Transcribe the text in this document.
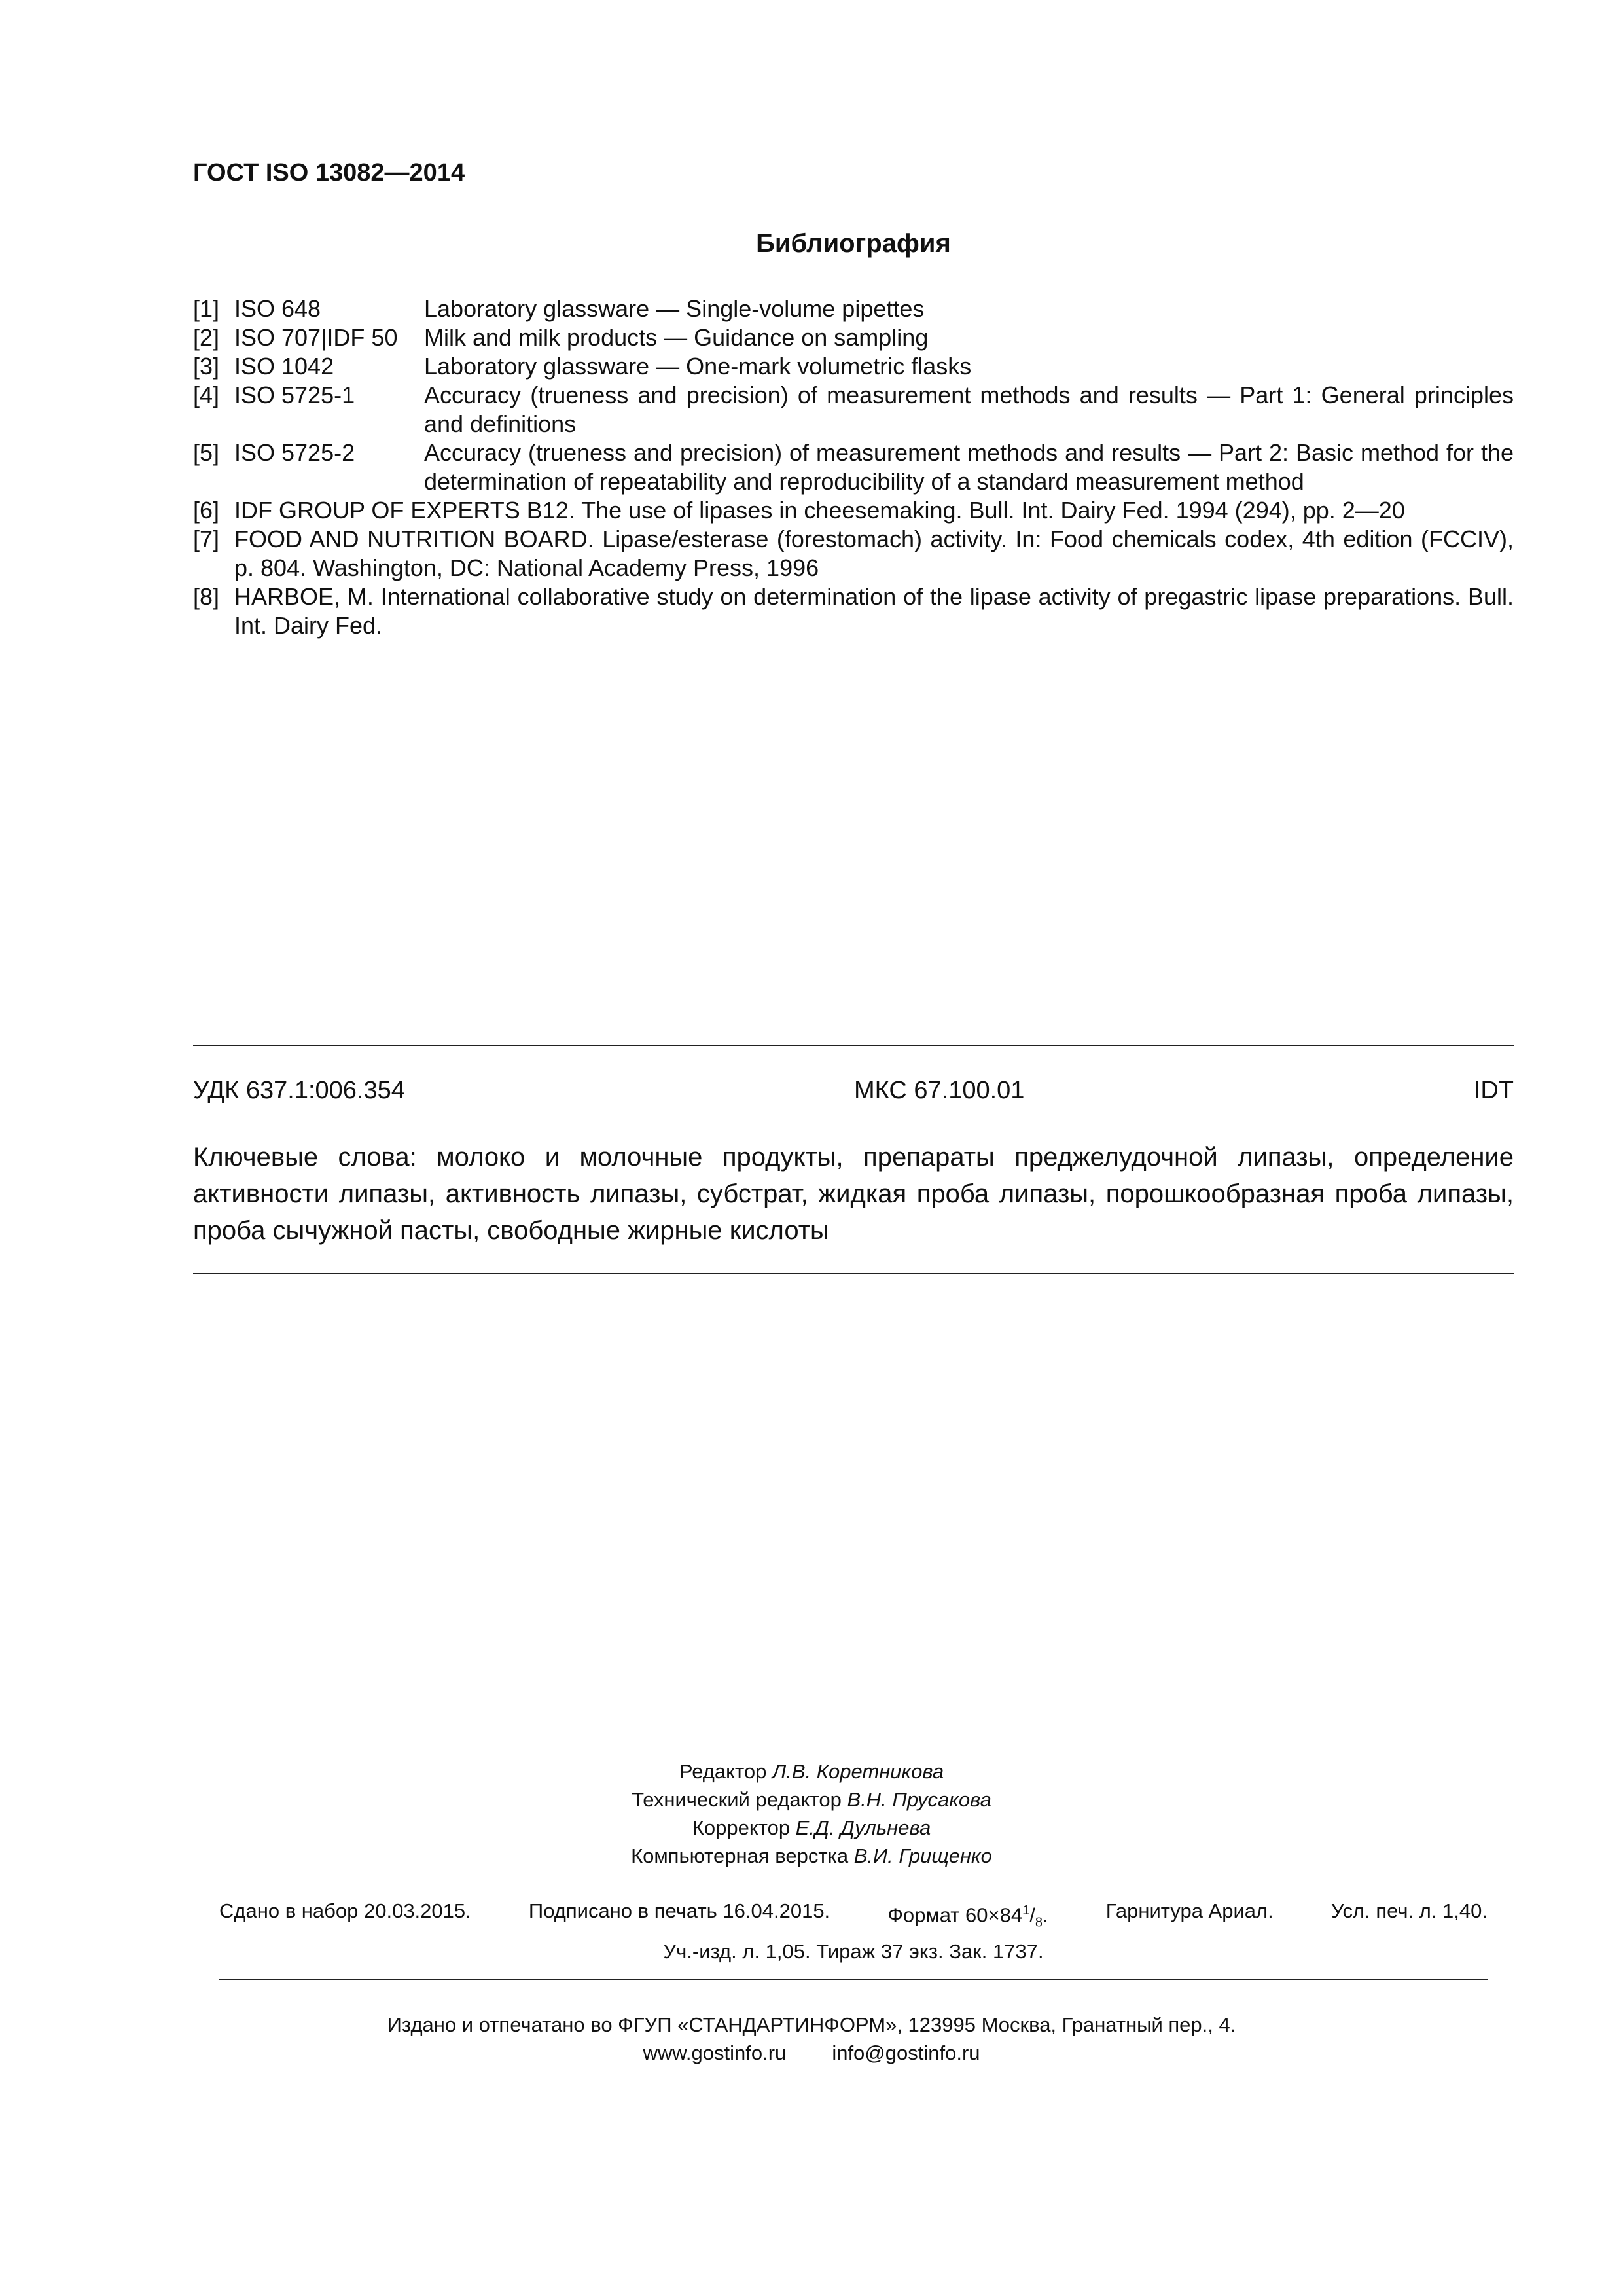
ГОСТ ISO 13082—2014
Библиография
[1] ISO 648	Laboratory glassware — Single-volume pipettes
[2] ISO 707|IDF 50	Milk and milk products — Guidance on sampling
[3] ISO 1042	Laboratory glassware — One-mark volumetric flasks
[4] ISO 5725-1	Accuracy (trueness and precision) of measurement methods and results — Part 1: General principles and definitions
[5] ISO 5725-2	Accuracy (trueness and precision) of measurement methods and results — Part 2: Basic method for the determination of repeatability and reproducibility of a standard measurement method
[6] IDF GROUP OF EXPERTS B12. The use of lipases in cheesemaking. Bull. Int. Dairy Fed. 1994 (294), pp. 2—20
[7] FOOD AND NUTRITION BOARD. Lipase/esterase (forestomach) activity. In: Food chemicals codex, 4th edition (FCCIV), p. 804. Washington, DC: National Academy Press, 1996
[8] HARBOE, M. International collaborative study on determination of the lipase activity of pregastric lipase preparations. Bull. Int. Dairy Fed.
УДК 637.1:006.354	МКС 67.100.01	IDT
Ключевые слова: молоко и молочные продукты, препараты преджелудочной липазы, определение активности липазы, активность липазы, субстрат, жидкая проба липазы, порошкообразная проба липазы, проба сычужной пасты, свободные жирные кислоты
Редактор Л.В. Коретникова
Технический редактор В.Н. Прусакова
Корректор Е.Д. Дульнева
Компьютерная верстка В.И. Грищенко
Сдано в набор 20.03.2015.	Подписано в печать 16.04.2015.	Формат $60\times 84^1/_8$.	Гарнитура Ариал.	Усл. печ. л. 1,40.
Уч.-изд. л. 1,05. Тираж 37 экз. Зак. 1737.
Издано и отпечатано во ФГУП «СТАНДАРТИНФОРМ», 123995 Москва, Гранатный пер., 4.
www.gostinfo.ru info@gostinfo.ru
